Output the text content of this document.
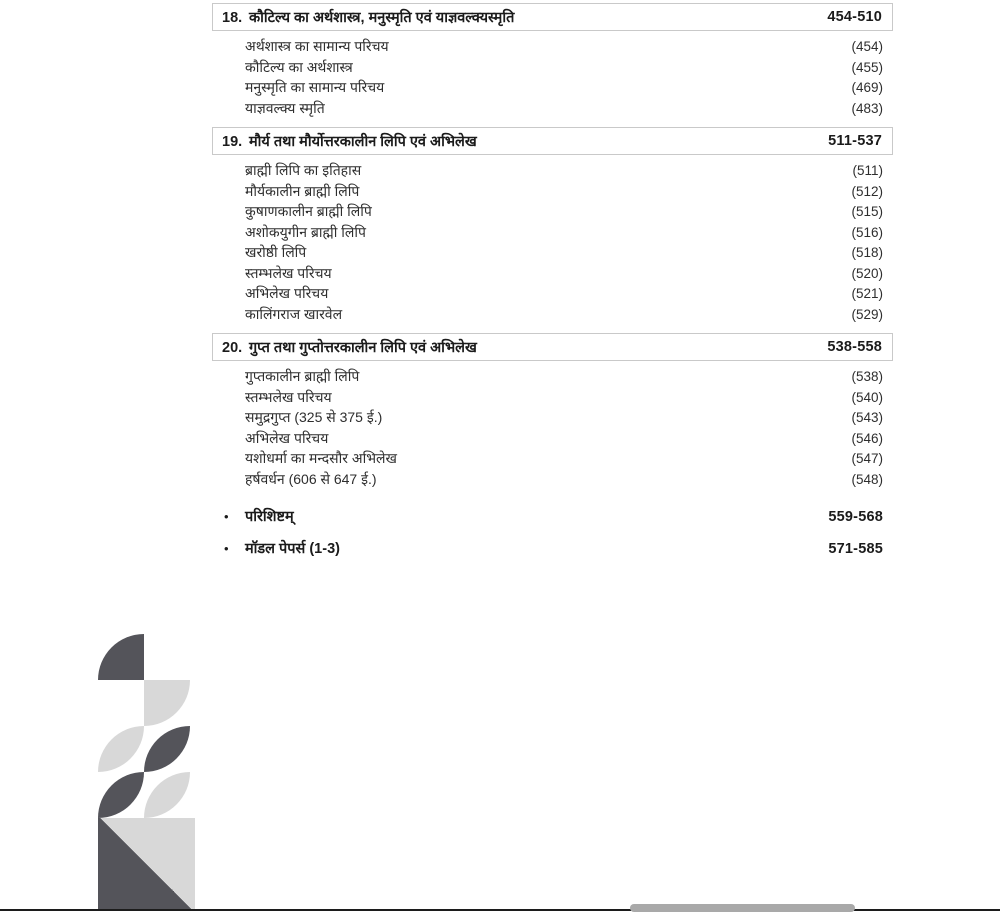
18. कौटिल्य का अर्थशास्त्र, मनुस्मृति एवं याज्ञवल्क्यस्मृति	454-510
अर्थशास्त्र का सामान्य परिचय	(454)
कौटिल्य का अर्थशास्त्र	(455)
मनुस्मृति का सामान्य परिचय	(469)
याज्ञवल्क्य स्मृति	(483)
19. मौर्य तथा मौर्योत्तरकालीन लिपि एवं अभिलेख	511-537
ब्राह्मी लिपि का इतिहास	(511)
मौर्यकालीन ब्राह्मी लिपि	(512)
कुषाणकालीन ब्राह्मी लिपि	(515)
अशोकयुगीन ब्राह्मी लिपि	(516)
खरोष्ठी लिपि	(518)
स्तम्भलेख परिचय	(520)
अभिलेख परिचय	(521)
कालिंगराज खारवेल	(529)
20. गुप्त तथा गुप्तोत्तरकालीन लिपि एवं अभिलेख	538-558
गुप्तकालीन ब्राह्मी लिपि	(538)
स्तम्भलेख परिचय	(540)
समुद्रगुप्त (325 से 375 ई.)	(543)
अभिलेख परिचय	(546)
यशोधर्मा का मन्दसौर अभिलेख	(547)
हर्षवर्धन (606 से 647 ई.)	(548)
•	परिशिष्टम्	559-568
•	मॉडल पेपर्स (1-3)	571-585
